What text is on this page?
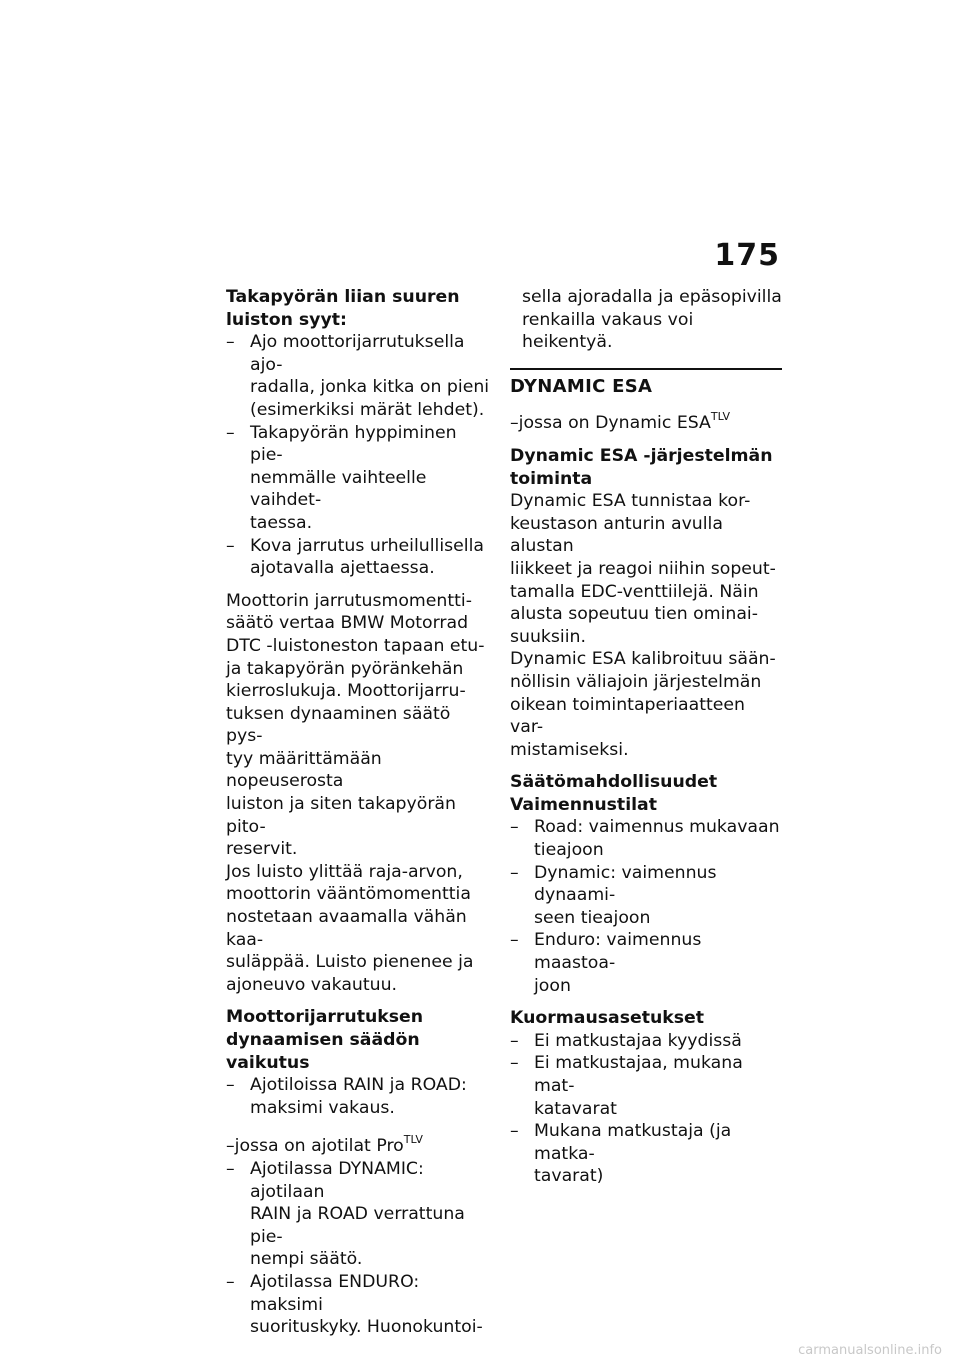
175
Takapyörän liian suuren
luiston syyt:
– Ajo moottorijarrutuksella ajo-
radalla, jonka kitka on pieni
(esimerkiksi märät lehdet).
– Takapyörän hyppiminen pie-
nemmälle vaihteelle vaihdet-
taessa.
– Kova jarrutus urheilullisella
ajotavalla ajettaessa.
Moottorin jarrutusmomentti-
säätö vertaa BMW Motorrad
DTC -luistoneston tapaan etu-
ja takapyörän pyöränkehän
kierroslukuja. Moottorijarru-
tuksen dynaaminen säätö pys-
tyy määrittämään nopeuserosta
luiston ja siten takapyörän pito-
reservit.
Jos luisto ylittää raja-arvon,
moottorin vääntömomenttia
nostetaan avaamalla vähän kaa-
suläppää. Luisto pienenee ja
ajoneuvo vakautuu.
Moottorijarrutuksen
dynaamisen säädön vaikutus
– Ajotiloissa RAIN ja ROAD:
maksimi vakaus.
–jossa on ajotilat Pro$^{TLV}$
– Ajotilassa DYNAMIC: ajotilaan
RAIN ja ROAD verrattuna pie-
nempi säätö.
– Ajotilassa ENDURO: maksimi
suorituskyky. Huonokuntoi-
sella ajoradalla ja epäsopivilla
renkailla vakaus voi heikentyä.
DYNAMIC ESA
–jossa on Dynamic $ESA^{TLV}$
Dynamic ESA -järjestelmän
toiminta
Dynamic ESA tunnistaa kor-
keustason anturin avulla alustan
liikkeet ja reagoi niihin sopeut-
tamalla EDC-venttiilejä. Näin
alusta sopeutuu tien ominai-
suuksiin.
Dynamic ESA kalibroituu sään-
nöllisin väliajoin järjestelmän
oikean toimintaperiaatteen var-
mistamiseksi.
Säätömahdollisuudet
Vaimennustilat
– Road: vaimennus mukavaan
tieajoon
– Dynamic: vaimennus dynaami-
seen tieajoon
– Enduro: vaimennus maastoa-
joon
Kuormausasetukset
– Ei matkustajaa kyydissä
– Ei matkustajaa, mukana mat-
katavarat
– Mukana matkustaja (ja matka-
tavarat)
carmanualsonline.info
